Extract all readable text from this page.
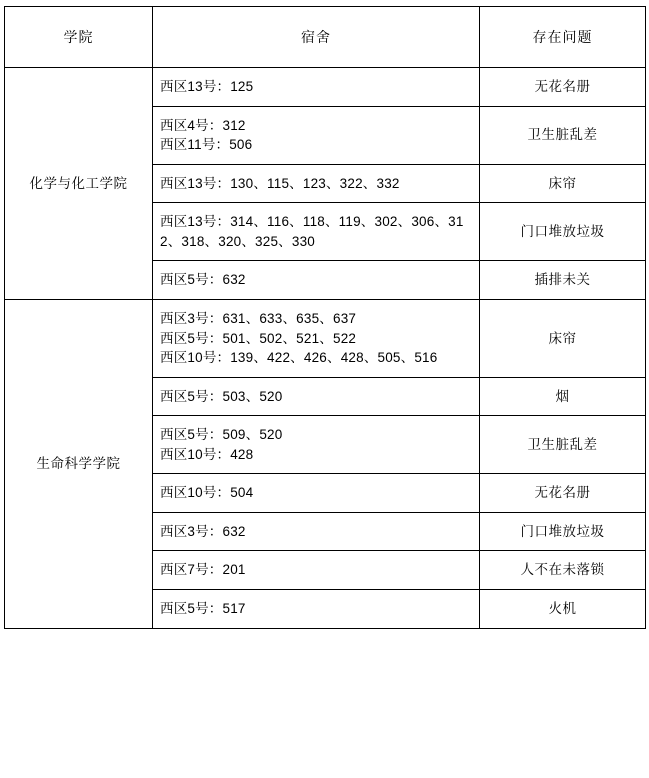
学院	宿舍	存在问题
化学与化工学院	西区13号：125	无花名册

	西区4号：312
西区11号：506	卫生脏乱差

	西区13号：130、115、123、322、332	床帘

	西区13号：314、116、118、119、302、306、312、318、320、325、330	门口堆放垃圾

	西区5号：632	插排未关
生命科学学院	西区3号：631、633、635、637
西区5号：501、502、521、522
西区10号：139、422、426、428、505、516	床帘

	西区5号：503、520	烟

	西区5号：509、520
西区10号：428	卫生脏乱差

	西区10号：504	无花名册

	西区3号：632	门口堆放垃圾

	西区7号：201	人不在未落锁

	西区5号：517	火机
